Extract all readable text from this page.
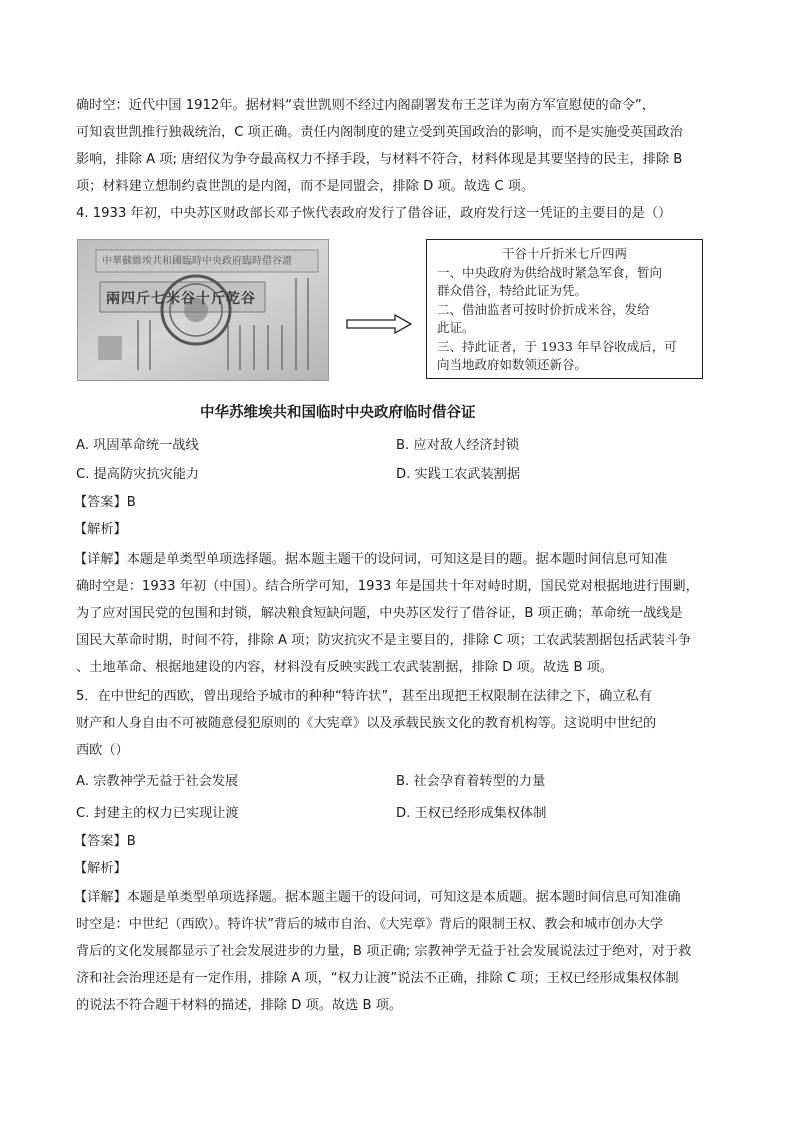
确时空：近代中国 1912年。据材料“袁世凯则不经过内阁副署发布王芝详为南方军宣慰使的命令”，
可知袁世凯推行独裁统治，C 项正确。责任内阁制度的建立受到英国政治的影响，而不是实施受英国政治
影响，排除 A 项; 唐绍仪为争夺最高权力不择手段，与材料不符合，材料体现是其要坚持的民主，排除 B
项；材料建立想制约袁世凯的是内阁，而不是同盟会，排除 D 项。故选 C 项。
4. 1933 年初，中央苏区财政部长邓子恢代表政府发行了借谷证，政府发行这一凭证的主要目的是（）
中華蘇維埃共和國臨時中央政府臨時借谷證
兩四斤七米谷十斤乾谷
干谷十斤折米七斤四两
一、中央政府为供给战时紧急军食，暂向
群众借谷，特给此证为凭。
二、借油监者可按时价折成米谷，发给
此证。
三、持此证者，于 1933 年早谷收成后，可
向当地政府如数领还新谷。
中华苏维埃共和国临时中央政府临时借谷证
A. 巩固革命统一战线	B. 应对敌人经济封锁
C. 提高防灾抗灾能力	D. 实践工农武装割据
【答案】B
【解析】
【详解】本题是单类型单项选择题。据本题主题干的设问词，可知这是目的题。据本题时间信息可知准
确时空是：1933 年初（中国）。结合所学可知，1933 年是国共十年对峙时期，国民党对根据地进行围剿，
为了应对国民党的包围和封锁，解决粮食短缺问题，中央苏区发行了借谷证，B 项正确；革命统一战线是
国民大革命时期，时间不符，排除 A 项；防灾抗灾不是主要目的，排除 C 项；工农武装割据包括武装斗争
、土地革命、根据地建设的内容，材料没有反映实践工农武装割据，排除 D 项。故选 B 项。
5．在中世纪的西欧，曾出现给予城市的种种“特许状”，甚至出现把王权限制在法律之下，确立私有
财产和人身自由不可被随意侵犯原则的《大宪章》以及承载民族文化的教育机构等。这说明中世纪的
西欧（）
A. 宗教神学无益于社会发展	B. 社会孕育着转型的力量
C. 封建主的权力已实现让渡	D. 王权已经形成集权体制
【答案】B
【解析】
【详解】本题是单类型单项选择题。据本题主题干的设问词，可知这是本质题。据本题时间信息可知准确
时空是：中世纪（西欧）。特许状”背后的城市自治、《大宪章》背后的限制王权、教会和城市创办大学
背后的文化发展都显示了社会发展进步的力量，B 项正确; 宗教神学无益于社会发展说法过于绝对，对于救
济和社会治理还是有一定作用，排除 A 项，“权力让渡”说法不正确，排除 C 项；王权已经形成集权体制
的说法不符合题干材料的描述，排除 D 项。故选 B 项。
